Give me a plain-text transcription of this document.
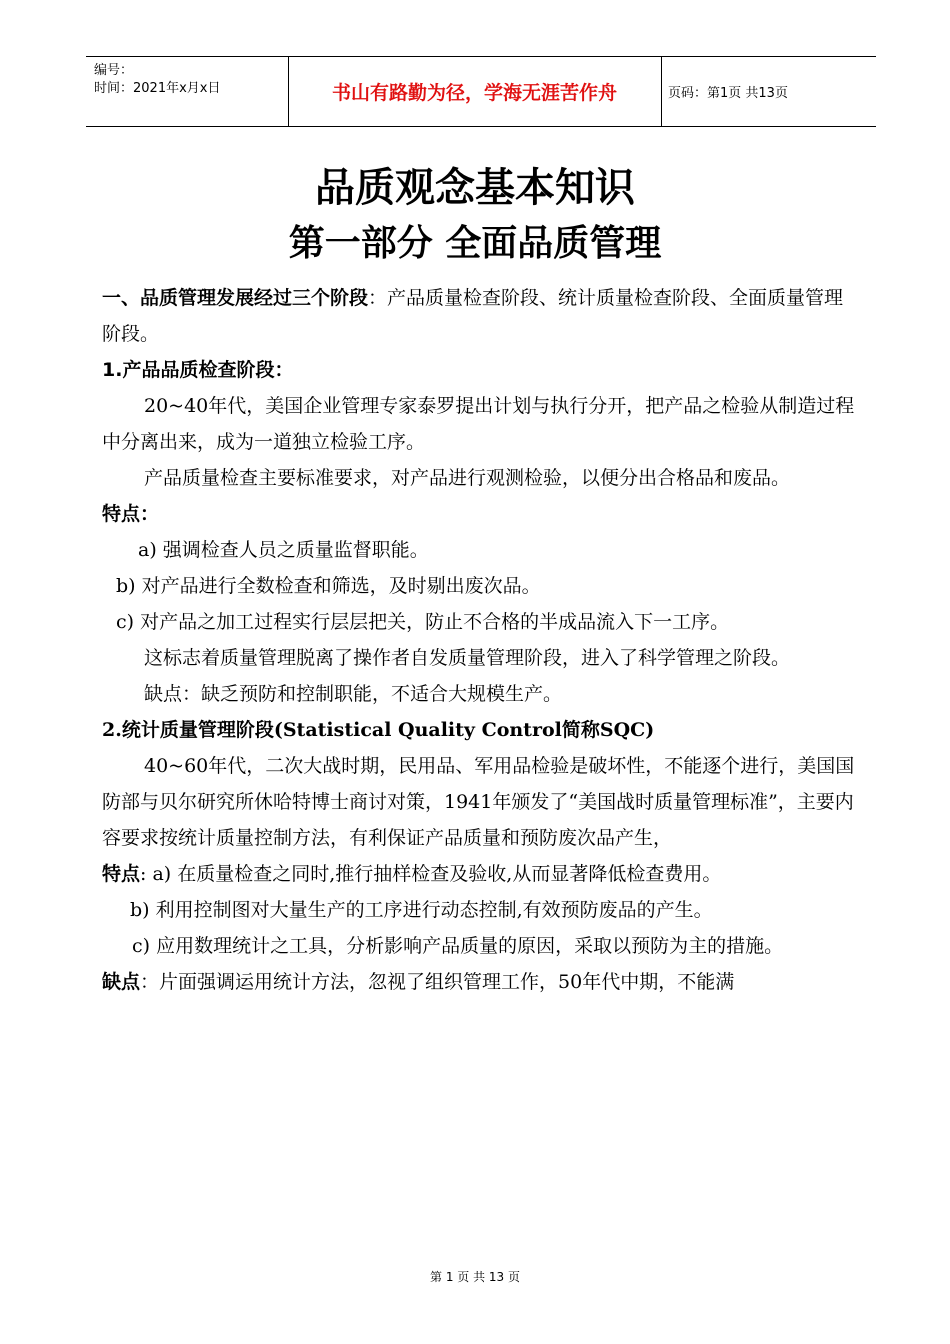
编号：
时间：2021年x月x日	书山有路勤为径，学海无涯苦作舟	页码：第1页 共13页
品质观念基本知识
第一部分 全面品质管理

一、品质管理发展经过三个阶段：产品质量检查阶段、统计质量检查阶段、全面质量管理阶段。

1.产品品质检查阶段：

20~40年代，美国企业管理专家泰罗提出计划与执行分开，把产品之检验从制造过程中分离出来，成为一道独立检验工序。

产品质量检查主要标准要求，对产品进行观测检验，以便分出合格品和废品。

特点：

a) 强调检查人员之质量监督职能。

b) 对产品进行全数检查和筛选，及时剔出废次品。

c) 对产品之加工过程实行层层把关，防止不合格的半成品流入下一工序。

这标志着质量管理脱离了操作者自发质量管理阶段，进入了科学管理之阶段。

缺点：缺乏预防和控制职能，不适合大规模生产。

2.统计质量管理阶段(Statistical Quality Control简称SQC)

40~60年代，二次大战时期，民用品、军用品检验是破坏性，不能逐个进行，美国国防部与贝尔研究所休哈特博士商讨对策，1941年颁发了“美国战时质量管理标准”，主要内容要求按统计质量控制方法，有利保证产品质量和预防废次品产生，

特点: a) 在质量检查之同时,推行抽样检查及验收,从而显著降低检查费用。

b) 利用控制图对大量生产的工序进行动态控制,有效预防废品的产生。

c) 应用数理统计之工具，分析影响产品质量的原因，采取以预防为主的措施。

缺点：片面强调运用统计方法，忽视了组织管理工作，50年代中期，不能满

第 1 页 共 13 页
